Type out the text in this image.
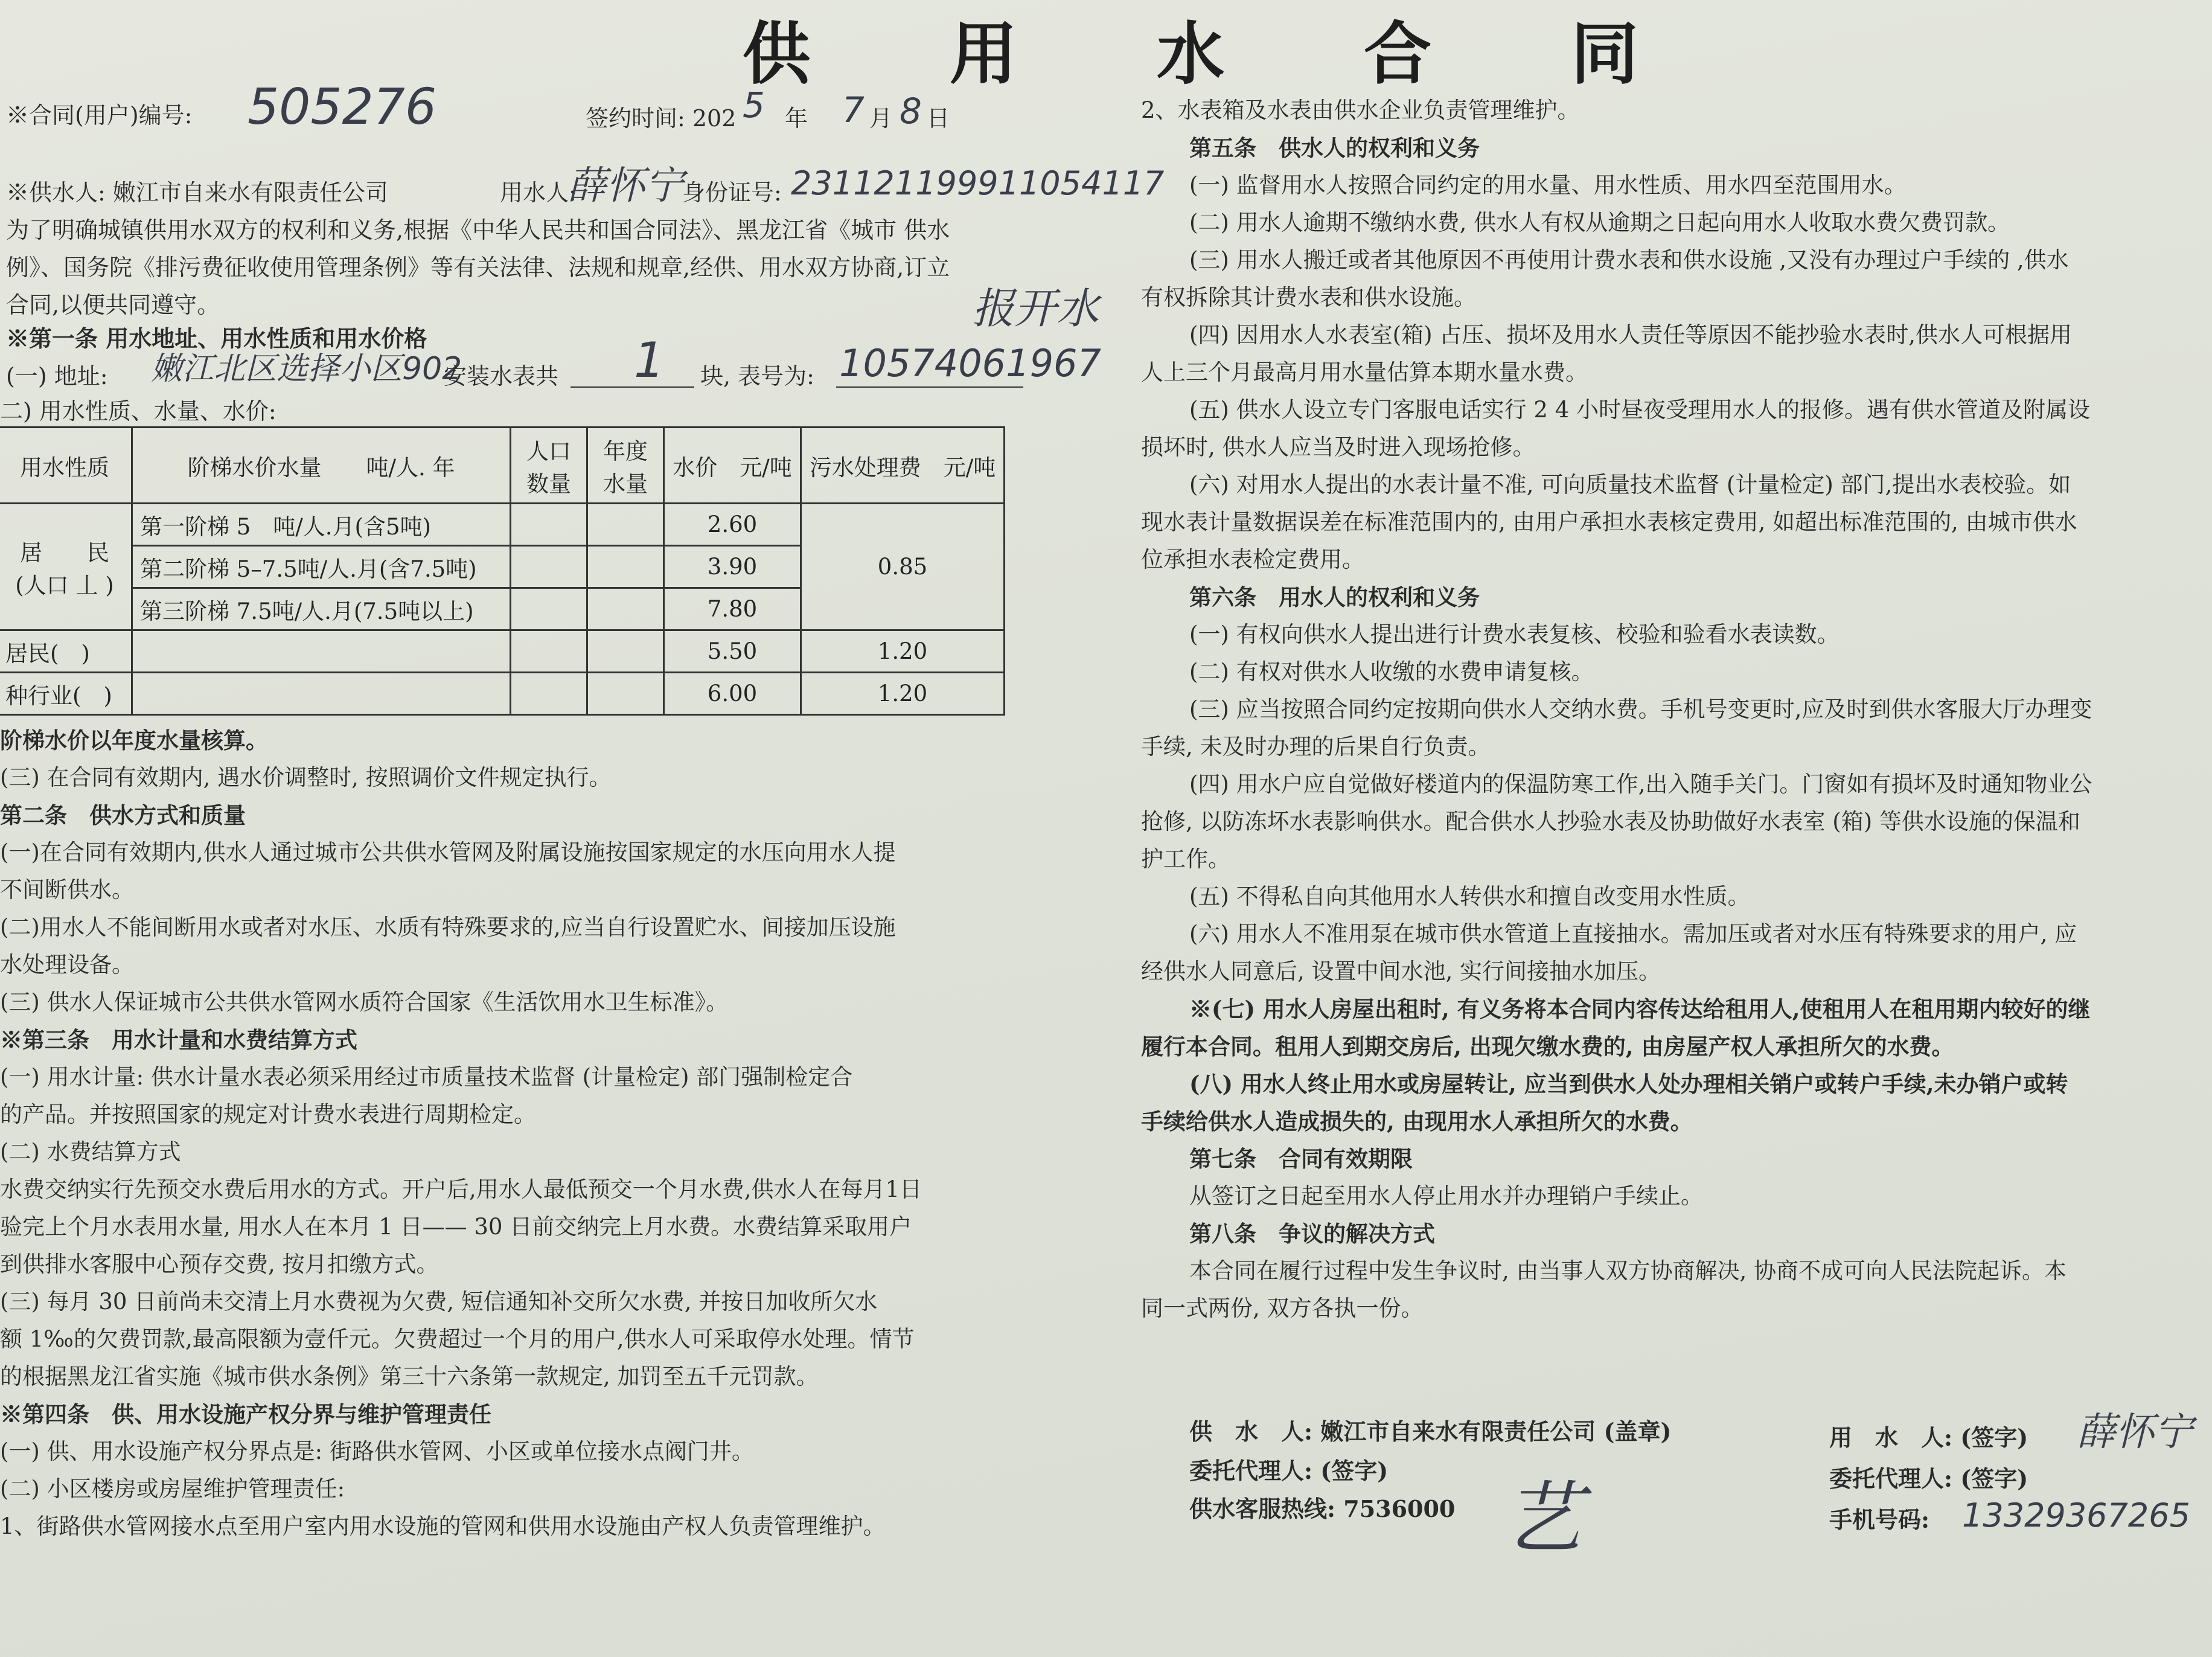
供 用 水 合 同
※合同(用户)编号: 505276	签约时间: 202 5 年 7 月 8 日
※供水人: 嫩江市自来水有限责任公司	用水人:
薛怀宁
身份证号: 231121199911054117
为了明确城镇供用水双方的权利和义务,根据《中华人民共和国合同法》、黑龙江省《城市 供水
例》、国务院《排污费征收使用管理条例》等有关法律、法规和规章,经供、用水双方协商,订立
合同,以便共同遵守。	报开水
※第一条 用水地址、用水性质和用水价格
(一) 地址: 嫩江北区选择小区902
安装水表共 1 块, 表号为: 10574061967
二) 用水性质、水量、水价:
用水性质	阶梯水价水量　　吨/人. 年	人口数量	年度水量	水价　元/吨	污水处理费　元/吨

居　　民
(人口 丄 )	第一阶梯 5　吨/人.月(含5吨)			2.60	0.85
	第二阶梯 5–7.5吨/人.月(含7.5吨)			3.90	
	第三阶梯 7.5吨/人.月(7.5吨以上)			7.80	
居民(　)				5.50	1.20
种行业(　)				6.00	1.20

阶梯水价以年度水量核算。

(三) 在合同有效期内, 遇水价调整时, 按照调价文件规定执行。

第二条　供水方式和质量

(一)在合同有效期内,供水人通过城市公共供水管网及附属设施按国家规定的水压向用水人提

不间断供水。

(二)用水人不能间断用水或者对水压、水质有特殊要求的,应当自行设置贮水、间接加压设施

水处理设备。

(三) 供水人保证城市公共供水管网水质符合国家《生活饮用水卫生标准》。

※第三条　用水计量和水费结算方式

(一) 用水计量: 供水计量水表必须采用经过市质量技术监督 (计量检定) 部门强制检定合

的产品。并按照国家的规定对计费水表进行周期检定。

(二) 水费结算方式

水费交纳实行先预交水费后用水的方式。开户后,用水人最低预交一个月水费,供水人在每月1日

验完上个月水表用水量, 用水人在本月 1 日—— 30 日前交纳完上月水费。水费结算采取用户

到供排水客服中心预存交费, 按月扣缴方式。

(三) 每月 30 日前尚未交清上月水费视为欠费, 短信通知补交所欠水费, 并按日加收所欠水

额 1‰的欠费罚款,最高限额为壹仟元。欠费超过一个月的用户,供水人可采取停水处理。情节

的根据黑龙江省实施《城市供水条例》第三十六条第一款规定, 加罚至五千元罚款。

※第四条　供、用水设施产权分界与维护管理责任

(一) 供、用水设施产权分界点是: 街路供水管网、小区或单位接水点阀门井。

(二) 小区楼房或房屋维护管理责任:

1、街路供水管网接水点至用户室内用水设施的管网和供用水设施由产权人负责管理维护。

2、水表箱及水表由供水企业负责管理维护。

第五条　供水人的权利和义务

(一) 监督用水人按照合同约定的用水量、用水性质、用水四至范围用水。

(二) 用水人逾期不缴纳水费, 供水人有权从逾期之日起向用水人收取水费欠费罚款。

(三) 用水人搬迁或者其他原因不再使用计费水表和供水设施 ,又没有办理过户手续的 ,供水

有权拆除其计费水表和供水设施。

(四) 因用水人水表室(箱) 占压、损坏及用水人责任等原因不能抄验水表时,供水人可根据用

人上三个月最高月用水量估算本期水量水费。

(五) 供水人设立专门客服电话实行 2 4 小时昼夜受理用水人的报修。遇有供水管道及附属设

损坏时, 供水人应当及时进入现场抢修。

(六) 对用水人提出的水表计量不准, 可向质量技术监督 (计量检定) 部门,提出水表校验。如

现水表计量数据误差在标准范围内的, 由用户承担水表核定费用, 如超出标准范围的, 由城市供水

位承担水表检定费用。

第六条　用水人的权利和义务

(一) 有权向供水人提出进行计费水表复核、校验和验看水表读数。

(二) 有权对供水人收缴的水费申请复核。

(三) 应当按照合同约定按期向供水人交纳水费。手机号变更时,应及时到供水客服大厅办理变

手续, 未及时办理的后果自行负责。

(四) 用水户应自觉做好楼道内的保温防寒工作,出入随手关门。门窗如有损坏及时通知物业公

抢修, 以防冻坏水表影响供水。配合供水人抄验水表及协助做好水表室 (箱) 等供水设施的保温和

护工作。

(五) 不得私自向其他用水人转供水和擅自改变用水性质。

(六) 用水人不准用泵在城市供水管道上直接抽水。需加压或者对水压有特殊要求的用户, 应

经供水人同意后, 设置中间水池, 实行间接抽水加压。

※(七) 用水人房屋出租时, 有义务将本合同内容传达给租用人,使租用人在租用期内较好的继

履行本合同。租用人到期交房后, 出现欠缴水费的, 由房屋产权人承担所欠的水费。

(八) 用水人终止用水或房屋转让, 应当到供水人处办理相关销户或转户手续,未办销户或转

手续给供水人造成损失的, 由现用水人承担所欠的水费。

第七条　合同有效期限

从签订之日起至用水人停止用水并办理销户手续止。

第八条　争议的解决方式

本合同在履行过程中发生争议时, 由当事人双方协商解决, 协商不成可向人民法院起诉。本

同一式两份, 双方各执一份。

供　水　人: 嫩江市自来水有限责任公司 (盖章)
委托代理人: (签字)
供水客服热线: 7536000 艺
用　水　人: (签字) 薛怀宁
委托代理人: (签字)
手机号码: 13329367265
